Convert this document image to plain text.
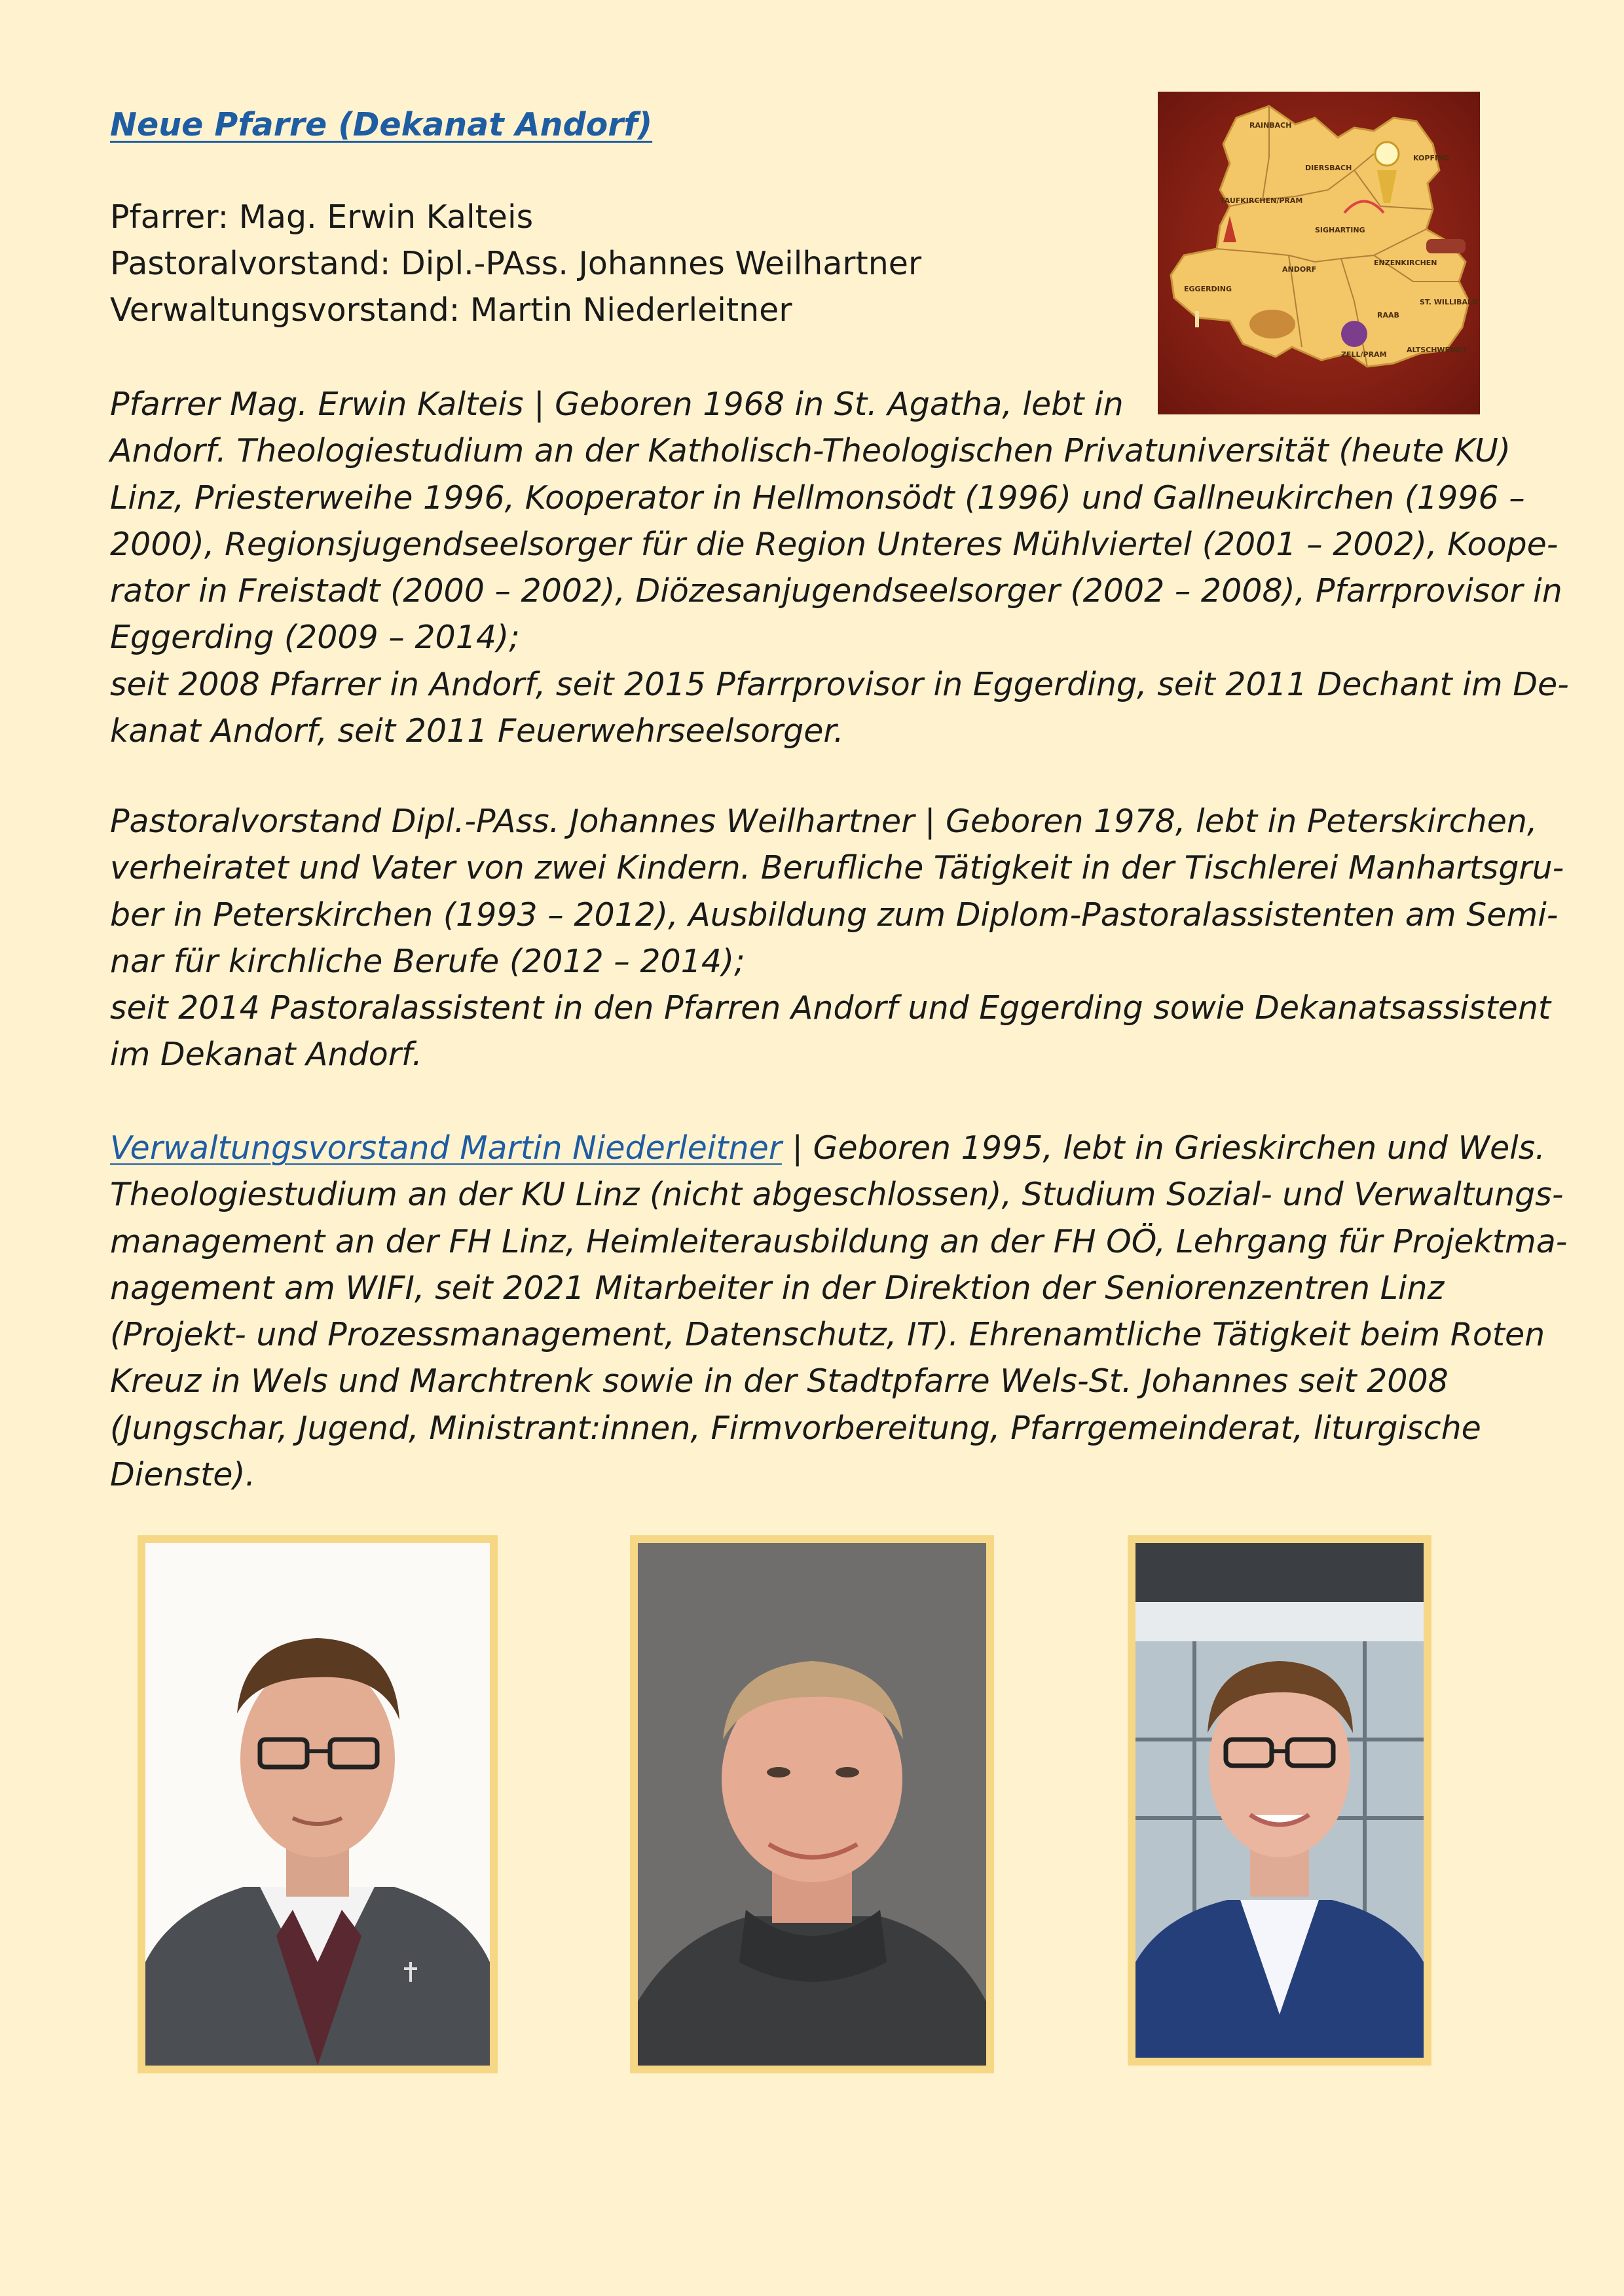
Neue Pfarre (Dekanat Andorf)
Pfarrer: Mag. Erwin Kalteis
Pastoralvorstand: Dipl.-PAss. Johannes Weilhartner
Verwaltungsvorstand: Martin Niederleitner
RAINBACH
KOPFING
DIERSBACH
TAUFKIRCHEN/PRAM
SIGHARTING
ENZENKIRCHEN
ANDORF
EGGERDING
ST. WILLIBALD
RAAB
ZELL/PRAM
ALTSCHWENDT
Pfarrer Mag. Erwin Kalteis | Geboren 1968 in St. Agatha, lebt in
Andorf. Theologiestudium an der Katholisch-Theologischen Privatuniversität (heute KU)
Linz, Priesterweihe 1996, Kooperator in Hellmonsödt (1996) und Gallneukirchen (1996 –
2000), Regionsjugendseelsorger für die Region Unteres Mühlviertel (2001 – 2002), Koope-
rator in Freistadt (2000 – 2002), Diözesanjugendseelsorger (2002 – 2008), Pfarrprovisor in
Eggerding (2009 – 2014);
seit 2008 Pfarrer in Andorf, seit 2015 Pfarrprovisor in Eggerding, seit 2011 Dechant im De-
kanat Andorf, seit 2011 Feuerwehrseelsorger.
Pastoralvorstand Dipl.-PAss. Johannes Weilhartner | Geboren 1978, lebt in Peterskirchen,
verheiratet und Vater von zwei Kindern. Berufliche Tätigkeit in der Tischlerei Manhartsgru-
ber in Peterskirchen (1993 – 2012), Ausbildung zum Diplom-Pastoralassistenten am Semi-
nar für kirchliche Berufe (2012 – 2014);
seit 2014 Pastoralassistent in den Pfarren Andorf und Eggerding sowie Dekanatsassistent
im Dekanat Andorf.
Verwaltungsvorstand Martin Niederleitner | Geboren 1995, lebt in Grieskirchen und Wels.
Theologiestudium an der KU Linz (nicht abgeschlossen), Studium Sozial- und Verwaltungs-
management an der FH Linz, Heimleiterausbildung an der FH OÖ, Lehrgang für Projektma-
nagement am WIFI, seit 2021 Mitarbeiter in der Direktion der Seniorenzentren Linz
(Projekt- und Prozessmanagement, Datenschutz, IT). Ehrenamtliche Tätigkeit beim Roten
Kreuz in Wels und Marchtrenk sowie in der Stadtpfarre Wels-St. Johannes seit 2008
(Jungschar, Jugend, Ministrant:innen, Firmvorbereitung, Pfarrgemeinderat, liturgische
Dienste).
